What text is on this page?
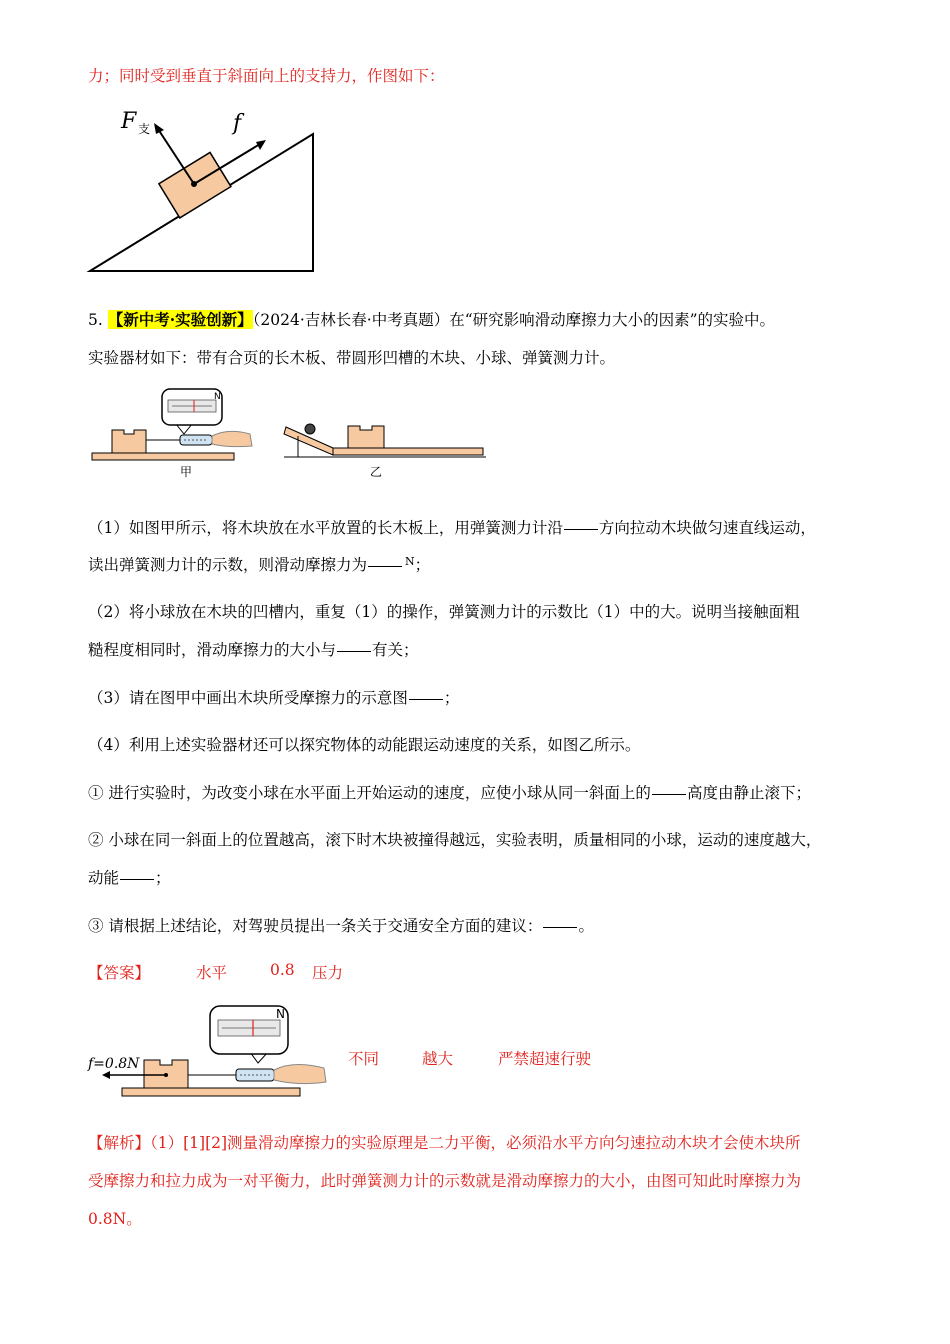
力；同时受到垂直于斜面向上的支持力，作图如下：
F 支	f
5. 【新中考·实验创新】（2024·吉林长春·中考真题）在“研究影响滑动摩擦力大小的因素”的实验中。
实验器材如下：带有合页的长木板、带圆形凹槽的木块、小球、弹簧测力计。
N
甲	乙
（1）如图甲所示，将木块放在水平放置的长木板上，用弹簧测力计沿 方向拉动木块做匀速直线运动，
读出弹簧测力计的示数，则滑动摩擦力为	$^N$；
（2）将小球放在木块的凹槽内，重复（1）的操作，弹簧测力计的示数比（1）中的大。说明当接触面粗
糙程度相同时，滑动摩擦力的大小与 有关；
（3）请在图甲中画出木块所受摩擦力的示意图 ；
（4）利用上述实验器材还可以探究物体的动能跟运动速度的关系，如图乙所示。
① 进行实验时，为改变小球在水平面上开始运动的速度，应使小球从同一斜面上的 高度由静止滚下；
② 小球在同一斜面上的位置越高，滚下时木块被撞得越远，实验表明，质量相同的小球，运动的速度越大，
动能 ；
③ 请根据上述结论，对驾驶员提出一条关于交通安全方面的建议： 。
【答案】	水平	0.8 压力
N
f=0.8N	不同	越大	严禁超速行驶
【解析】（1）[1][2]测量滑动摩擦力的实验原理是二力平衡，必须沿水平方向匀速拉动木块才会使木块所
受摩擦力和拉力成为一对平衡力，此时弹簧测力计的示数就是滑动摩擦力的大小，由图可知此时摩擦力为
0.8N。
